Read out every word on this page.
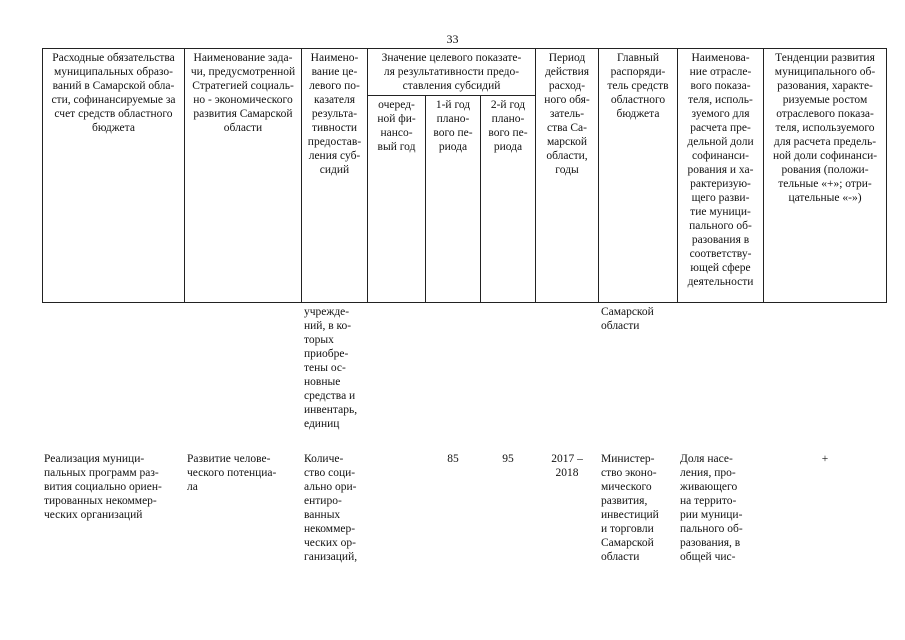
33
Расходные обязательства
муниципальных образо-
ваний в Самарской обла-
сти, софинансируемые за
счет средств областного
бюджета
Наименование зада-
чи, предусмотренной
Стратегией социаль-
но - экономического
развития Самарской
области
Наимено-
вание це-
левого по-
казателя
результа-
тивности
предостав-
ления суб-
сидий
Значение целевого показате-
ля результативности предо-
ставления субсидий
очеред-
ной фи-
нансо-
вый год
1-й год
плано-
вого пе-
риода
2-й год
плано-
вого пе-
риода
Период
действия
расход-
ного обя-
затель-
ства Са-
марской
области,
годы
Главный
распоряди-
тель средств
областного
бюджета
Наименова-
ние отрасле-
вого показа-
теля, исполь-
зуемого для
расчета пре-
дельной доли
софинанси-
рования и ха-
рактеризую-
щего разви-
тие муници-
пального об-
разования в
соответству-
ющей сфере
деятельности
Тенденции развития
муниципального об-
разования, характе-
ризуемые ростом
отраслевого показа-
теля, используемого
для расчета предель-
ной доли софинанси-
рования (положи-
тельные «+»; отри-
цательные «-»)
учрежде-
ний, в ко-
торых
приобре-
тены ос-
новные
средства и
инвентарь,
единиц
Самарской
области
Реализация муници-
пальных программ раз-
вития социально ориен-
тированных некоммер-
ческих организаций
Развитие челове-
ческого потенциа-
ла
Количе-
ство соци-
ально ори-
ентиро-
ванных
некоммер-
ческих ор-
ганизаций,
85	95	2017 –
2018
Министер-
ство эконо-
мического
развития,
инвестиций
и торговли
Самарской
области
Доля насе-
ления, про-
живающего
на террито-
рии муници-
пального об-
разования, в
общей чис-
+
